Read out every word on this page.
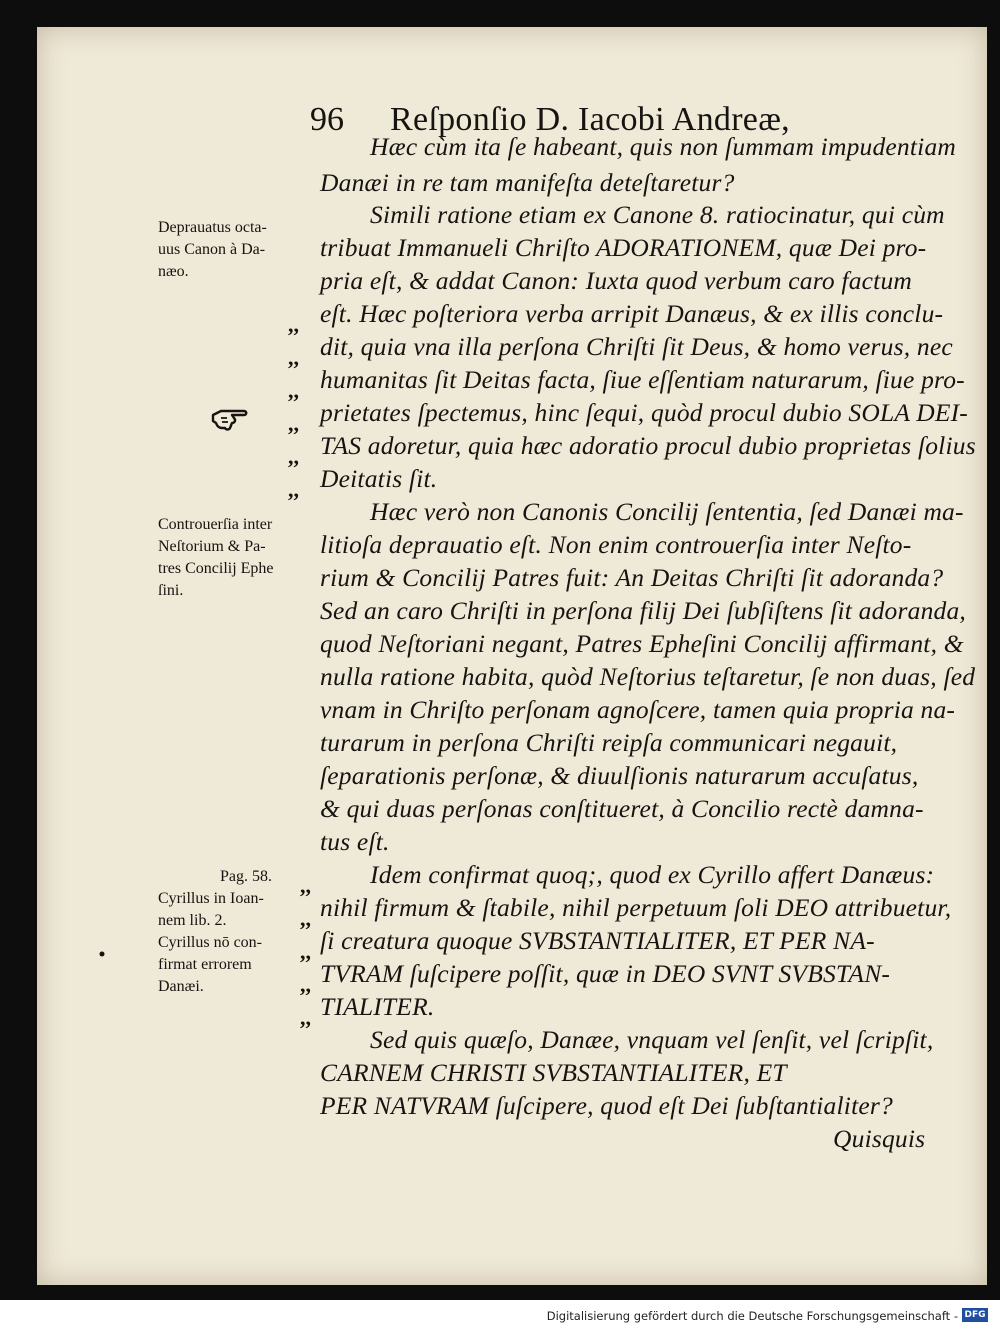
96 Reſponſio D. Iacobi Andreæ,
Hæc cùm ita ſe habeant, quis non ſummam impudentiam
Danæi in re tam manifeſta deteſtaretur?
Simili ratione etiam ex Canone 8. ratiocinatur, qui cùm
tribuat Immanueli Chriſto ADORATIONEM, quæ Dei pro-
pria eſt, & addat Canon: Iuxta quod verbum caro factum
eſt. Hæc poſteriora verba arripit Danæus, & ex illis conclu-
dit, quia vna illa perſona Chriſti ſit Deus, & homo verus, nec
humanitas ſit Deitas facta, ſiue eſſentiam naturarum, ſiue pro-
prietates ſpectemus, hinc ſequi, quòd procul dubio SOLA DEI-
TAS adoretur, quia hæc adoratio procul dubio proprietas ſolius
Deitatis ſit.
Hæc verò non Canonis Concilij ſententia, ſed Danæi ma-
litioſa deprauatio eſt. Non enim controuerſia inter Neſto-
rium & Concilij Patres fuit: An Deitas Chriſti ſit adoranda?
Sed an caro Chriſti in perſona filij Dei ſubſiſtens ſit adoranda,
quod Neſtoriani negant, Patres Epheſini Concilij affirmant, &
nulla ratione habita, quòd Neſtorius teſtaretur, ſe non duas, ſed
vnam in Chriſto perſonam agnoſcere, tamen quia propria na-
turarum in perſona Chriſti reipſa communicari negauit,
ſeparationis perſonæ, & diuulſionis naturarum accuſatus,
& qui duas perſonas conſtitueret, à Concilio rectè damna-
tus eſt.
Idem confirmat quoq;, quod ex Cyrillo affert Danæus:
nihil firmum & ſtabile, nihil perpetuum ſoli DEO attribuetur,
ſi creatura quoque SVBSTANTIALITER, ET PER NA-
TVRAM ſuſcipere poſſit, quæ in DEO SVNT SVBSTAN-
TIALITER.
Sed quis quæſo, Danæe, vnquam vel ſenſit, vel ſcripſit,
CARNEM CHRISTI SVBSTANTIALITER, ET
PER NATVRAM ſuſcipere, quod eſt Dei ſubſtantialiter?
Quisquis
,,
,,
,,
,,
,,
,,
,,
,,
,,
,,
,,
Deprauatus octa-
uus Canon à Da-
næo.
Controuerſia inter
Neſtorium & Pa-
tres Concilij Ephe
ſini.
Pag. 58.
Cyrillus in Ioan-
nem lib. 2.
Cyrillus nō con-
firmat errorem
Danæi.
Digitalisierung gefördert durch die Deutsche Forschungsgemeinschaft - DFG
